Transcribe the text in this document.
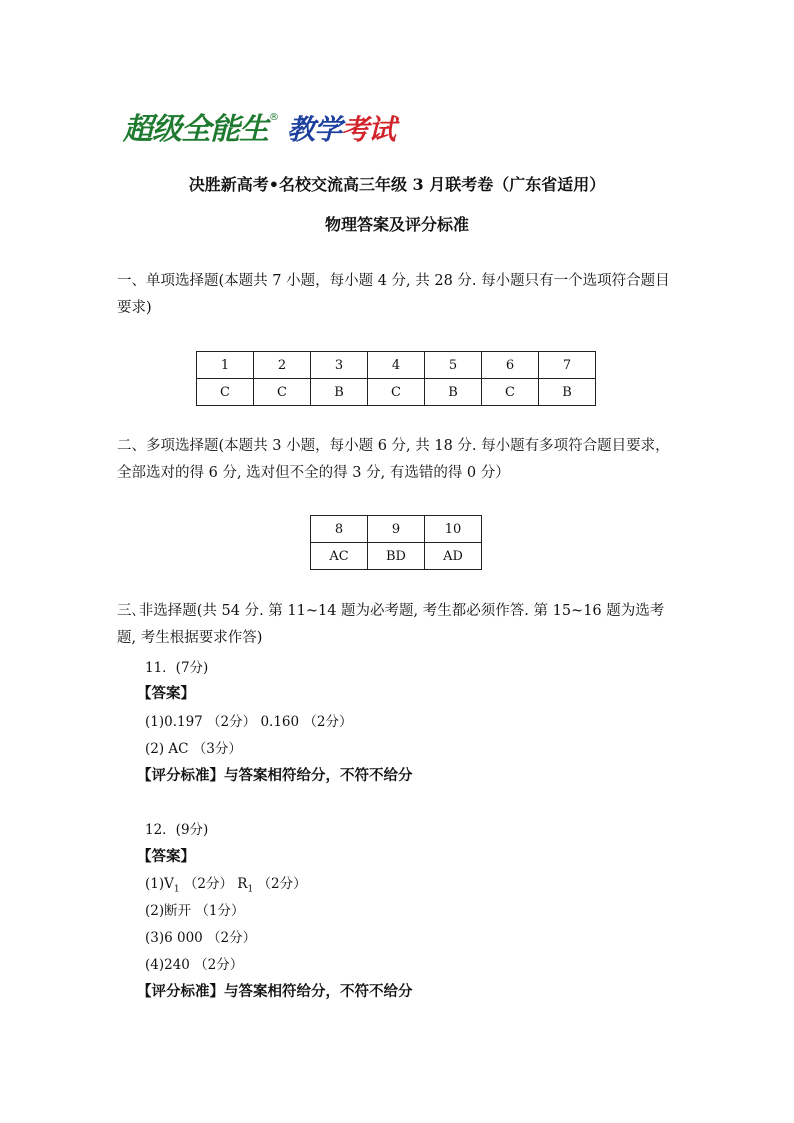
超级全能生 ® 教学考试
决胜新高考•名校交流高三年级 3 月联考卷（广东省适用）
物理答案及评分标准
一、单项选择题(本题共 7 小题，每小题 4 分, 共 28 分. 每小题只有一个选项符合题目要求)
1	2	3	4	5	6	7
C	C	B	C	B	C	B
二、多项选择题(本题共 3 小题，每小题 6 分, 共 18 分. 每小题有多项符合题目要求，全部选对的得 6 分, 选对但不全的得 3 分, 有选错的得 0 分）
8	9	10
AC	BD	AD
三､非选择题(共 54 分. 第 11~14 题为必考题, 考生都必须作答. 第 15~16 题为选考题, 考生根据要求作答)
11．(7分)
【答案】
(1)0.197 （2分） 0.160 （2分）
(2) AC （3分）
【评分标准】与答案相符给分，不符不给分
12．(9分)
【答案】
$(1)V_1$ （2分） $R_1$ （2分）
(2)断开 （1分）
(3)6 000 （2分）
(4)240 （2分）
【评分标准】与答案相符给分，不符不给分
